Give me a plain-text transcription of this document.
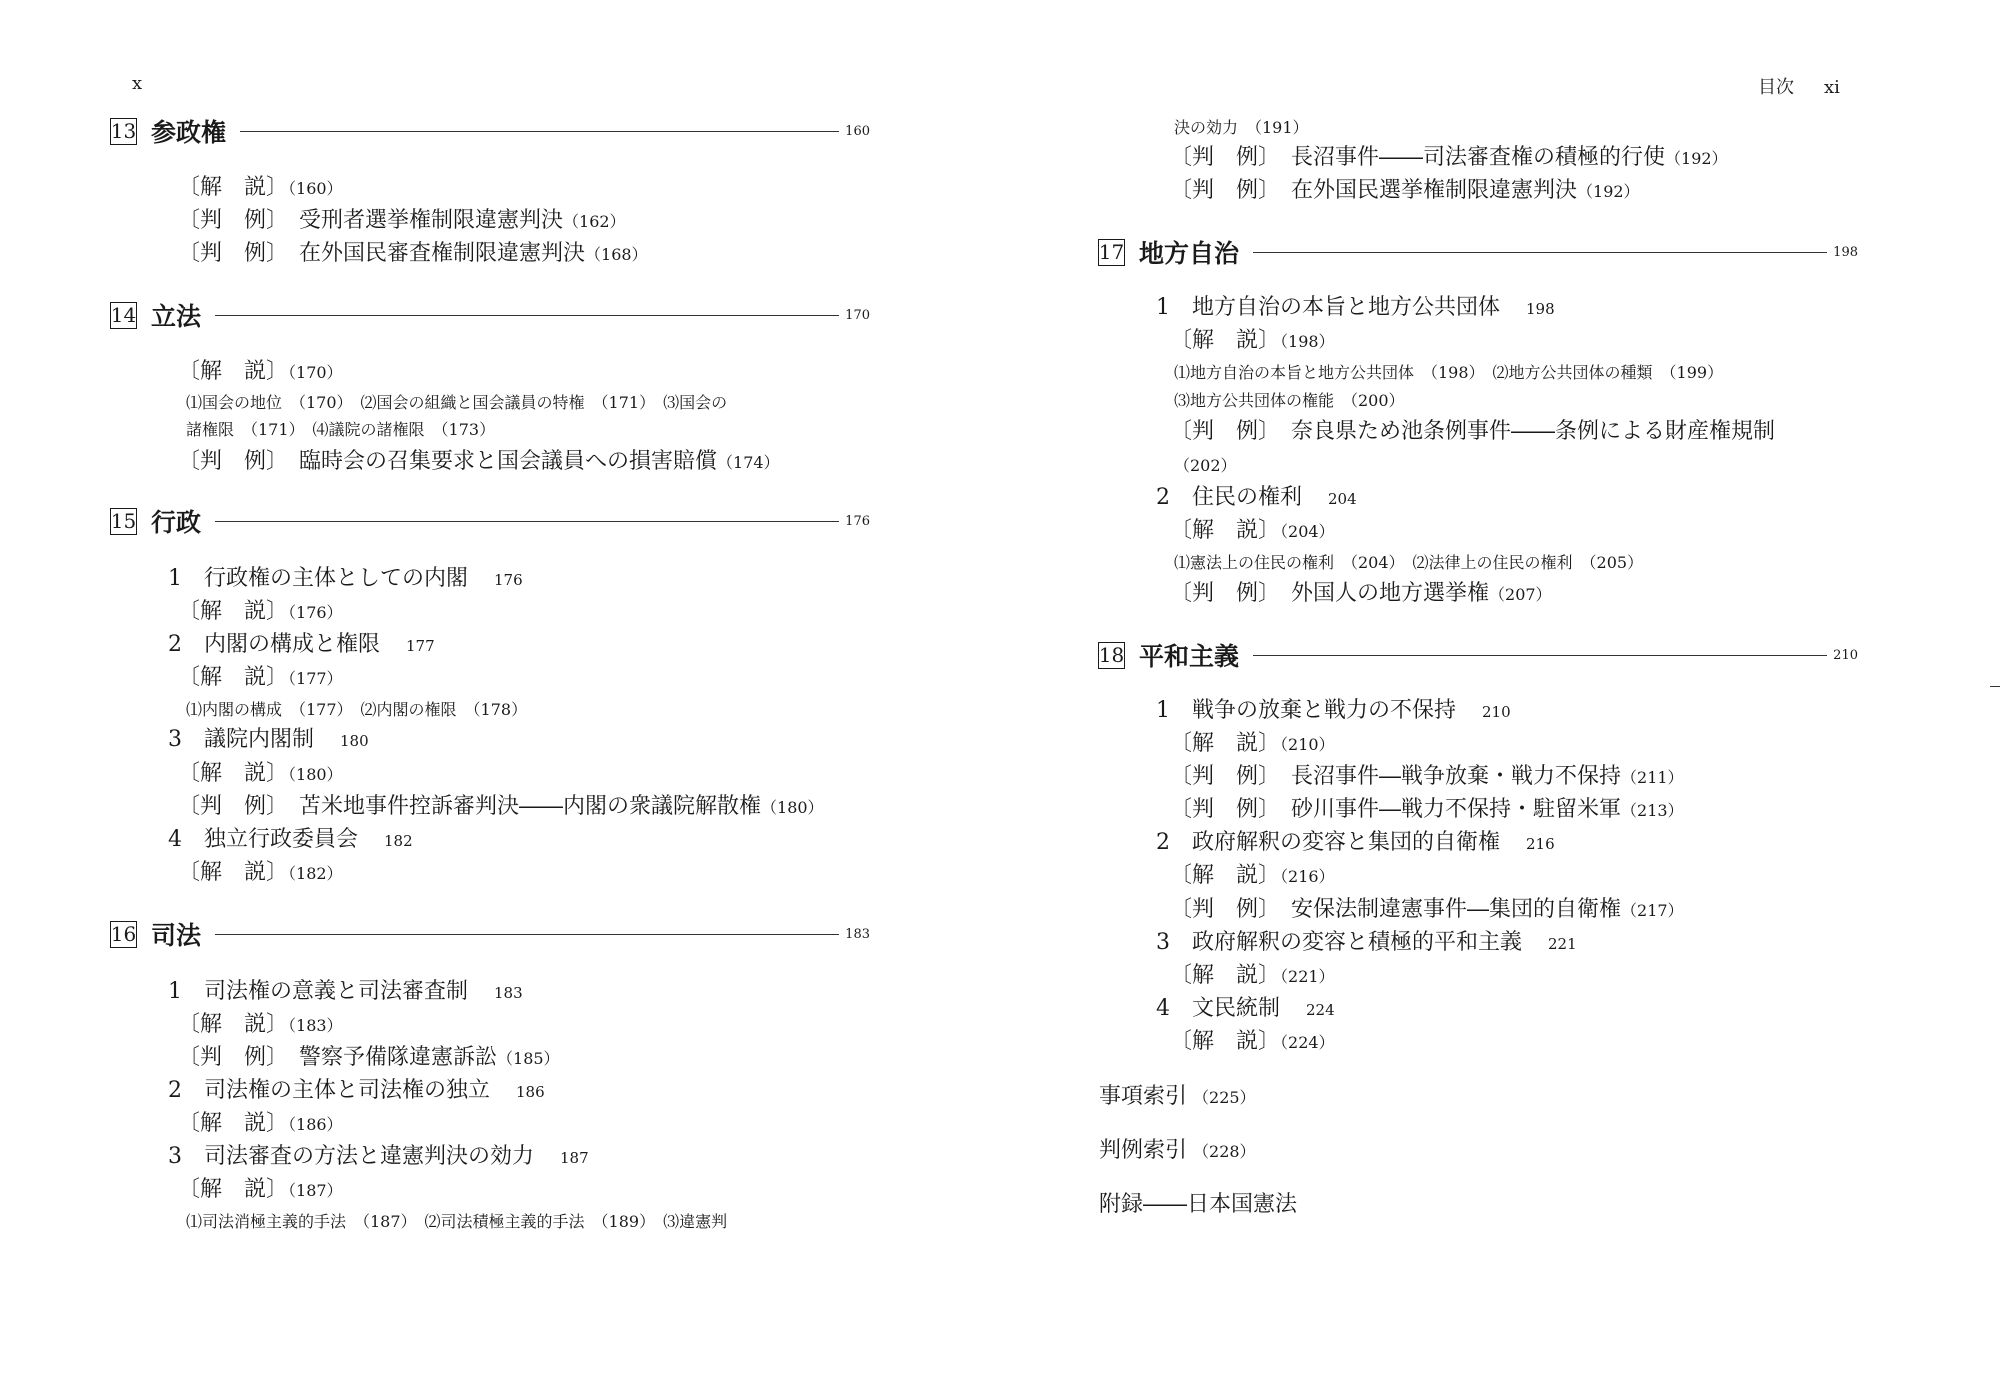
x
13 参政権	160
〔解　説〕（160）
〔判　例〕　受刑者選挙権制限違憲判決（162）
〔判　例〕　在外国民審査権制限違憲判決（168）
14 立法	170
〔解　説〕（170）
⑴国会の地位　（170）　⑵国会の組織と国会議員の特権　（171）　⑶国会の
諸権限　（171）　⑷議院の諸権限　（173）
〔判　例〕　臨時会の召集要求と国会議員への損害賠償（174）
15 行政	176
1　行政権の主体としての内閣 176
〔解　説〕（176）
2　内閣の構成と権限 177
〔解　説〕（177）
⑴内閣の構成　（177）　⑵内閣の権限　（178）
3　議院内閣制 180
〔解　説〕（180）
〔判　例〕　苫米地事件控訴審判決――内閣の衆議院解散権（180）
4　独立行政委員会 182
〔解　説〕（182）
16 司法	183
1　司法権の意義と司法審査制 183
〔解　説〕（183）
〔判　例〕　警察予備隊違憲訴訟（185）
2　司法権の主体と司法権の独立 186
〔解　説〕（186）
3　司法審査の方法と違憲判決の効力 187
〔解　説〕（187）
⑴司法消極主義的手法　（187）　⑵司法積極主義的手法　（189）　⑶違憲判
目次 xi
決の効力　（191）
〔判　例〕　長沼事件――司法審査権の積極的行使（192）
〔判　例〕　在外国民選挙権制限違憲判決（192）
17 地方自治	198
1　地方自治の本旨と地方公共団体 198
〔解　説〕（198）
⑴地方自治の本旨と地方公共団体　（198）　⑵地方公共団体の種類　（199）
⑶地方公共団体の権能　（200）
〔判　例〕　奈良県ため池条例事件――条例による財産権規制
（202）
2　住民の権利 204
〔解　説〕（204）
⑴憲法上の住民の権利　（204）　⑵法律上の住民の権利　（205）
〔判　例〕　外国人の地方選挙権（207）
18 平和主義	210
1　戦争の放棄と戦力の不保持 210
〔解　説〕（210）
〔判　例〕　長沼事件―戦争放棄・戦力不保持（211）
〔判　例〕　砂川事件―戦力不保持・駐留米軍（213）
2　政府解釈の変容と集団的自衛権 216
〔解　説〕（216）
〔判　例〕　安保法制違憲事件―集団的自衛権（217）
3　政府解釈の変容と積極的平和主義 221
〔解　説〕（221）
4　文民統制 224
〔解　説〕（224）
事項索引 （225）
判例索引 （228）
附録――日本国憲法
